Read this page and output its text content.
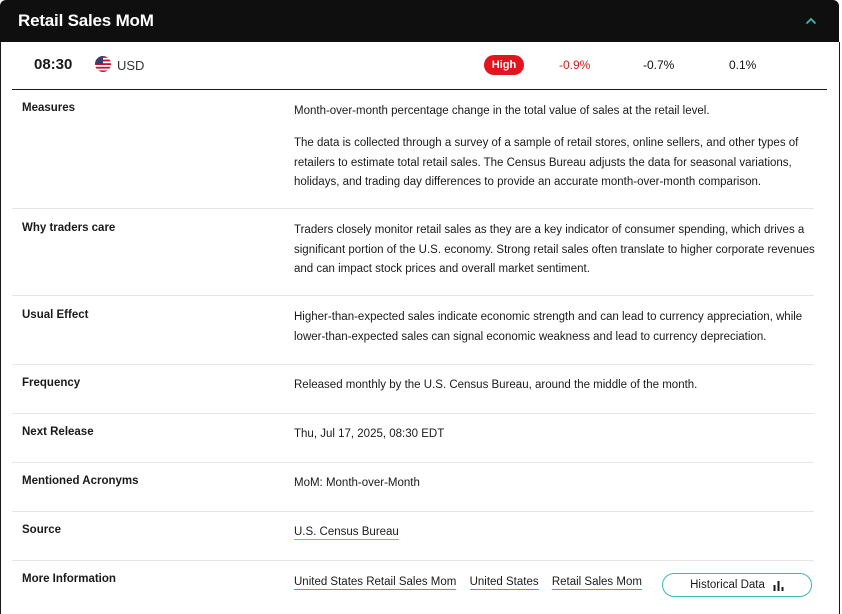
Retail Sales MoM
08:30	USD	High	-0.9%	-0.7%	0.1%
Measures	Month-over-month percentage change in the total value of sales at the retail level.

The data is collected through a survey of a sample of retail stores, online sellers, and other types of retailers to estimate total retail sales. The Census Bureau adjusts the data for seasonal variations, holidays, and trading day differences to provide an accurate month-over-month comparison.

Why traders care	Traders closely monitor retail sales as they are a key indicator of consumer spending, which drives a significant portion of the U.S. economy. Strong retail sales often translate to higher corporate revenues and can impact stock prices and overall market sentiment.

Usual Effect	Higher-than-expected sales indicate economic strength and can lead to currency appreciation, while lower-than-expected sales can signal economic weakness and lead to currency depreciation.

Frequency	Released monthly by the U.S. Census Bureau, around the middle of the month.

Next Release	Thu, Jul 17, 2025, 08:30 EDT

Mentioned Acronyms	MoM: Month-over-Month

Source	U.S. Census Bureau

More Information	United States Retail Sales Mom United States Retail Sales Mom	Historical Data
